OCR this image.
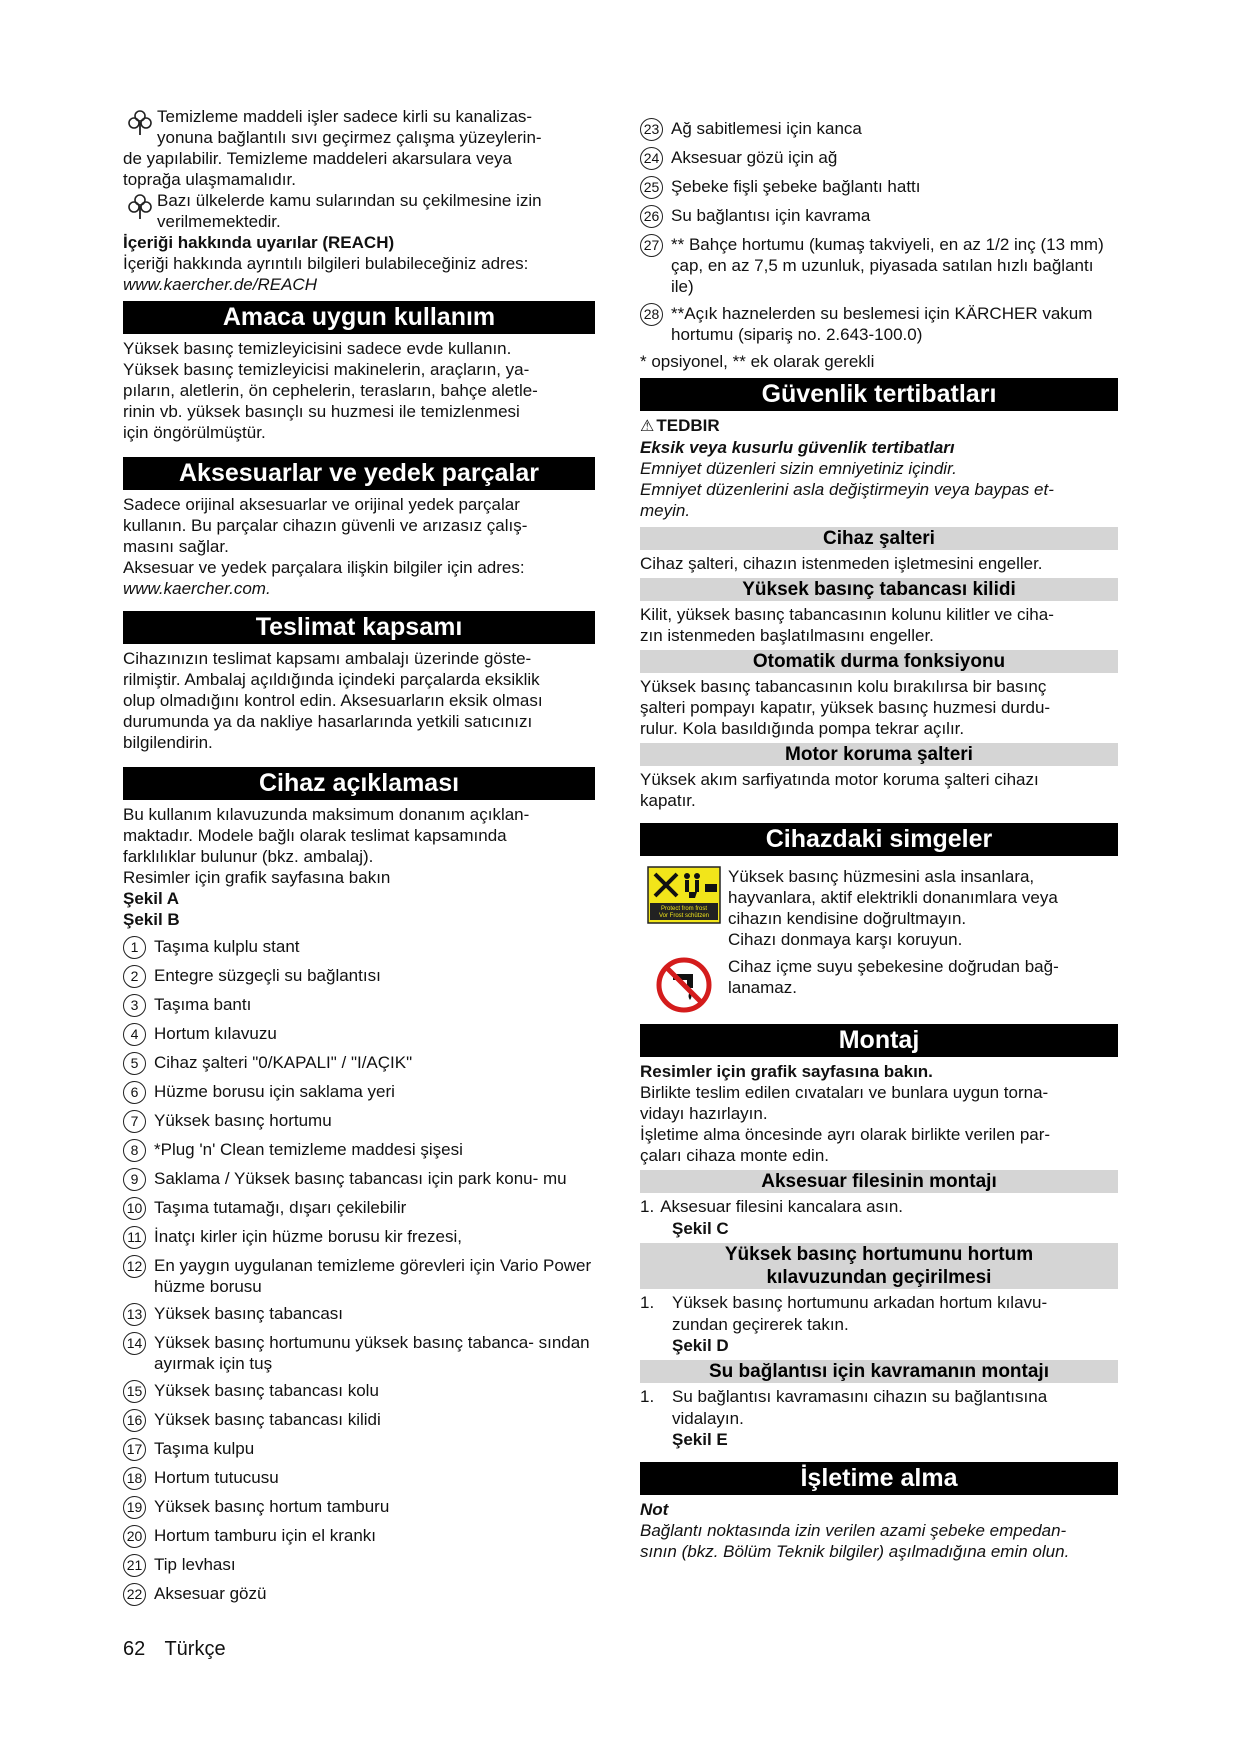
Temizleme maddeli işler sadece kirli su kanalizas-

yonuna bağlantılı sıvı geçirmez çalışma yüzeylerin-

de yapılabilir. Temizleme maddeleri akarsulara veya

toprağa ulaşmamalıdır.

Bazı ülkelerde kamu sularından su çekilmesine izin

verilmemektedir.

İçeriği hakkında uyarılar (REACH)

İçeriği hakkında ayrıntılı bilgileri bulabileceğiniz adres:

www.kaercher.de/REACH

Amaca uygun kullanım

Yüksek basınç temizleyicisini sadece evde kullanın.

Yüksek basınç temizleyicisi makinelerin, araçların, ya-

pıların, aletlerin, ön cephelerin, terasların, bahçe aletle-

rinin vb. yüksek basınçlı su huzmesi ile temizlenmesi

için öngörülmüştür.

Aksesuarlar ve yedek parçalar

Sadece orijinal aksesuarlar ve orijinal yedek parçalar

kullanın. Bu parçalar cihazın güvenli ve arızasız çalış-

masını sağlar.

Aksesuar ve yedek parçalara ilişkin bilgiler için adres:

www.kaercher.com.

Teslimat kapsamı

Cihazınızın teslimat kapsamı ambalajı üzerinde göste-

rilmiştir. Ambalaj açıldığında içindeki parçalarda eksiklik

olup olmadığını kontrol edin. Aksesuarların eksik olması

durumunda ya da nakliye hasarlarında yetkili satıcınızı

bilgilendirin.

Cihaz açıklaması

Bu kullanım kılavuzunda maksimum donanım açıklan-

maktadır. Modele bağlı olarak teslimat kapsamında

farklılıklar bulunur (bkz. ambalaj).

Resimler için grafik sayfasına bakın

Şekil A

Şekil B

1 Taşıma kulplu stant
2 Entegre süzgeçli su bağlantısı
3 Taşıma bantı
4 Hortum kılavuzu
5 Cihaz şalteri "0/KAPALI" / "I/AÇIK"
6 Hüzme borusu için saklama yeri
7 Yüksek basınç hortumu
8 *Plug 'n' Clean temizleme maddesi şişesi
9 Saklama / Yüksek basınç tabancası için park konu- mu
10 Taşıma tutamağı, dışarı çekilebilir
11 İnatçı kirler için hüzme borusu kir frezesi,
12 En yaygın uygulanan temizleme görevleri için Vario Power hüzme borusu
13 Yüksek basınç tabancası
14 Yüksek basınç hortumunu yüksek basınç tabanca- sından ayırmak için tuş
15 Yüksek basınç tabancası kolu
16 Yüksek basınç tabancası kilidi
17 Taşıma kulpu
18 Hortum tutucusu
19 Yüksek basınç hortum tamburu
20 Hortum tamburu için el krankı
21 Tip levhası
22 Aksesuar gözü
23 Ağ sabitlemesi için kanca
24 Aksesuar gözü için ağ
25 Şebeke fişli şebeke bağlantı hattı
26 Su bağlantısı için kavrama
27 ** Bahçe hortumu (kumaş takviyeli, en az 1/2 inç (13 mm) çap, en az 7,5 m uzunluk, piyasada satılan hızlı bağlantı ile)
28 **Açık haznelerden su beslemesi için KÄRCHER vakum hortumu (sipariş no. 2.643-100.0)

* opsiyonel, ** ek olarak gerekli

Güvenlik tertibatları

⚠ TEDBIR

Eksik veya kusurlu güvenlik tertibatları

Emniyet düzenleri sizin emniyetiniz içindir.

Emniyet düzenlerini asla değiştirmeyin veya baypas et-

meyin.

Cihaz şalteri

Cihaz şalteri, cihazın istenmeden işletmesini engeller.

Yüksek basınç tabancası kilidi

Kilit, yüksek basınç tabancasının kolunu kilitler ve ciha-

zın istenmeden başlatılmasını engeller.

Otomatik durma fonksiyonu

Yüksek basınç tabancasının kolu bırakılırsa bir basınç

şalteri pompayı kapatır, yüksek basınç huzmesi durdu-

rulur. Kola basıldığında pompa tekrar açılır.

Motor koruma şalteri

Yüksek akım sarfiyatında motor koruma şalteri cihazı

kapatır.

Cihazdaki simgeler
Protect from frost
Vor Frost schützen

Yüksek basınç hüzmesini asla insanlara,

hayvanlara, aktif elektrikli donanımlara veya

cihazın kendisine doğrultmayın.

Cihazı donmaya karşı koruyun.

Cihaz içme suyu şebekesine doğrudan bağ-

lanamaz.

Montaj

Resimler için grafik sayfasına bakın.

Birlikte teslim edilen cıvataları ve bunlara uygun torna-

vidayı hazırlayın.

İşletime alma öncesinde ayrı olarak birlikte verilen par-

çaları cihaza monte edin.

Aksesuar filesinin montajı
1. Aksesuar filesini kancalara asın.

Şekil C

Yüksek basınç hortumunu hortum
kılavuzundan geçirilmesi
1.	Yüksek basınç hortumunu arkadan hortum kılavu-

zundan geçirerek takın.

Şekil D

Su bağlantısı için kavramanın montajı
1.	Su bağlantısı kavramasını cihazın su bağlantısına

vidalayın.

Şekil E

İşletime alma

Not

Bağlantı noktasında izin verilen azami şebeke empedan-

sının (bkz. Bölüm Teknik bilgiler) aşılmadığına emin olun.

62 Türkçe
